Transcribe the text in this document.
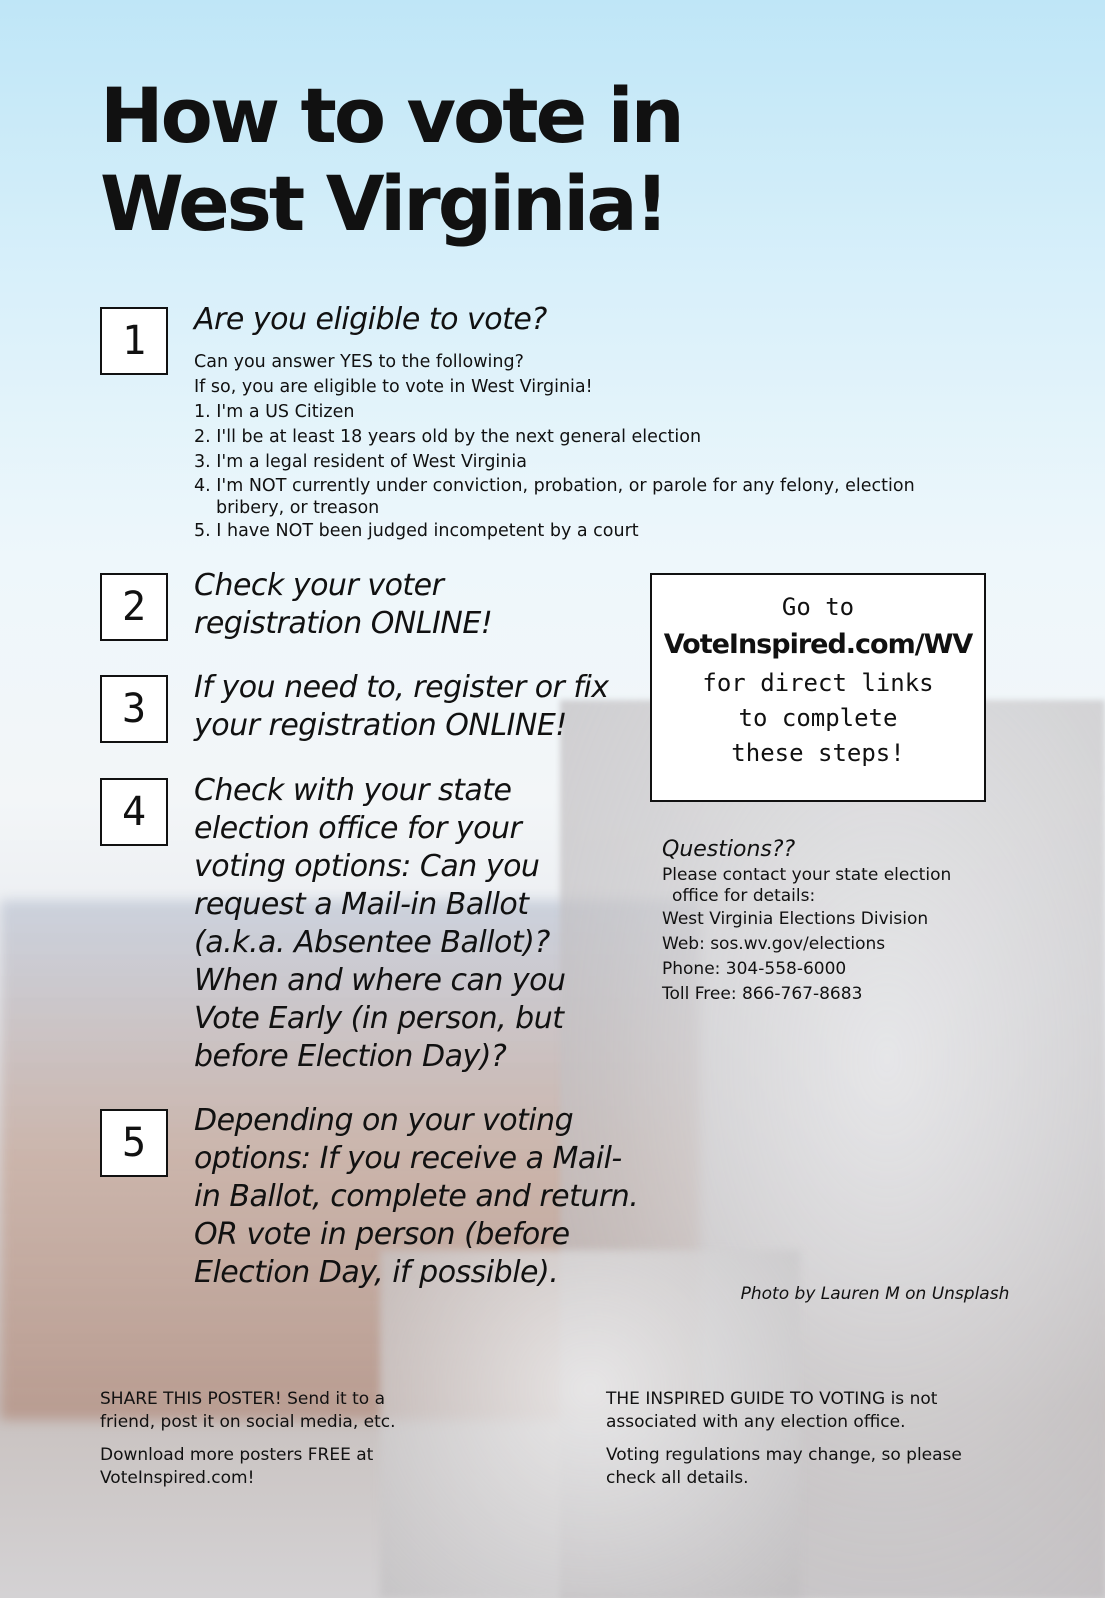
How to vote in West Virginia!
1	Are you eligible to vote?
Can you answer YES to the following?
If so, you are eligible to vote in West Virginia!
1. I'm a US Citizen
2. I'll be at least 18 years old by the next general election
3. I'm a legal resident of West Virginia
4. I'm NOT currently under conviction, probation, or parole for any felony, election
bribery, or treason
5. I have NOT been judged incompetent by a court
2	Check your voter registration ONLINE!
3	If you need to, register or fix your registration ONLINE!
4	Check with your state election office for your voting options: Can you request a Mail-in Ballot (a.k.a. Absentee Ballot)? When and where can you Vote Early (in person, but before Election Day)?
5	Depending on your voting options: If you receive a Mail-in Ballot, complete and return. OR vote in person (before Election Day, if possible).
Go to
VoteInspired.com/WV
for direct links
to complete
these steps!
Questions??
Please contact your state election
office for details:
West Virginia Elections Division
Web: sos.wv.gov/elections
Phone: 304-558-6000
Toll Free: 866-767-8683
Photo by Lauren M on Unsplash

SHARE THIS POSTER! Send it to a friend, post it on social media, etc.

Download more posters FREE at VoteInspired.com!

THE INSPIRED GUIDE TO VOTING is not associated with any election office.

Voting regulations may change, so please check all details.
